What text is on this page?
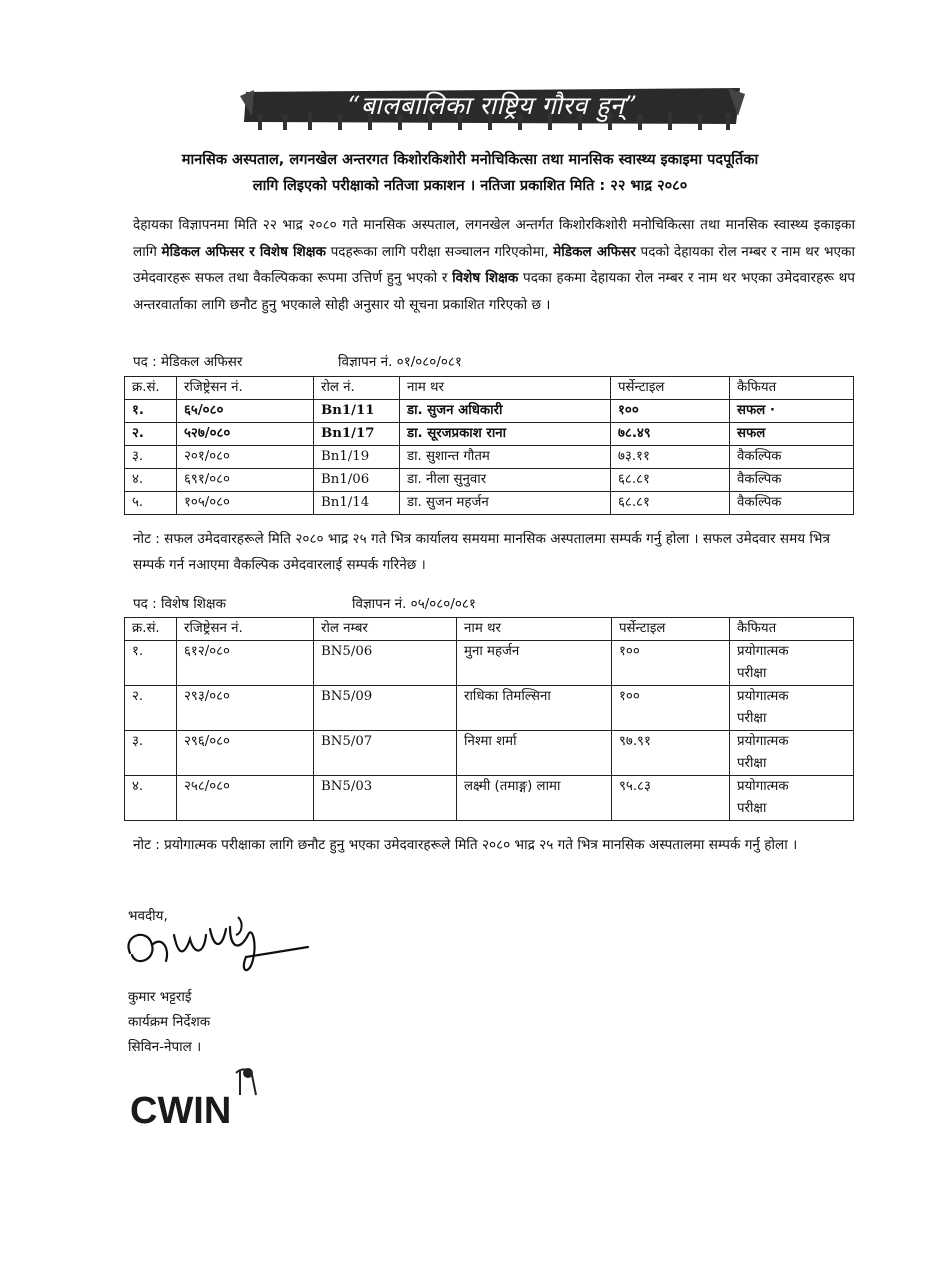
“बालबालिका राष्ट्रिय गौरव हुन्”
मानसिक अस्पताल, लगनखेल अन्तरगत किशोरकिशोरी मनोचिकित्सा तथा मानसिक स्वास्थ्य इकाइमा पदपूर्तिका
लागि लिइएको परीक्षाको नतिजा प्रकाशन । नतिजा प्रकाशित मिति : २२ भाद्र २०८०
देहायका विज्ञापनमा मिति २२ भाद्र २०८० गते मानसिक अस्पताल, लगनखेल अन्तर्गत किशोरकिशोरी मनोचिकित्सा तथा मानसिक स्वास्थ्य इकाइका लागि मेडिकल अफिसर र विशेष शिक्षक पदहरूका लागि परीक्षा सञ्चालन गरिएकोमा, मेडिकल अफिसर पदको देहायका रोल नम्बर र नाम थर भएका उमेदवारहरू सफल तथा वैकल्पिकका रूपमा उत्तिर्ण हुनु भएको र विशेष शिक्षक पदका हकमा देहायका रोल नम्बर र नाम थर भएका उमेदवारहरू थप अन्तरवार्ताका लागि छनौट हुनु भएकाले सोही अनुसार यो सूचना प्रकाशित गरिएको छ ।
पद : मेडिकल अफिसर	विज्ञापन नं. ०१/०८०/०८१
क्र.सं.	रजिष्ट्रेसन नं.	रोल नं.	नाम थर	पर्सेन्टाइल	कैफियत
१.	६५/०८०	Bn1/11	डा. सुजन अधिकारी	१००	सफल ·
२.	५२७/०८०	Bn1/17	डा. सूरजप्रकाश राना	७८.४९	सफल
३.	२०१/०८०	Bn1/19	डा. सुशान्त गौतम	७३.११	वैकल्पिक
४.	६९१/०८०	Bn1/06	डा. नीला सुनुवार	६८.८१	वैकल्पिक
५.	१०५/०८०	Bn1/14	डा. सुजन महर्जन	६८.८१	वैकल्पिक
नोट : सफल उमेदवारहरूले मिति २०८० भाद्र २५ गते भित्र कार्यालय समयमा मानसिक अस्पतालमा सम्पर्क गर्नु होला । सफल उमेदवार समय भित्र सम्पर्क गर्न नआएमा वैकल्पिक उमेदवारलाई सम्पर्क गरिनेछ ।
पद : विशेष शिक्षक	विज्ञापन नं. ०५/०८०/०८१
क्र.सं.	रजिष्ट्रेसन नं.	रोल नम्बर	नाम थर	पर्सेन्टाइल	कैफियत
१.	६१२/०८०	BN5/06	मुना महर्जन	१००	प्रयोगात्मक
परीक्षा

२.	२९३/०८०	BN5/09	राधिका तिमल्सिना	१००	प्रयोगात्मक
परीक्षा

३.	२९६/०८०	BN5/07	निश्मा शर्मा	९७.९१	प्रयोगात्मक
परीक्षा

४.	२५८/०८०	BN5/03	लक्ष्मी (तमाङ्ग) लामा	९५.८३	प्रयोगात्मक
परीक्षा
नोट : प्रयोगात्मक परीक्षाका लागि छनौट हुनु भएका उमेदवारहरूले मिति २०८० भाद्र २५ गते भित्र मानसिक अस्पतालमा सम्पर्क गर्नु होला ।
भवदीय,
कुमार भट्टराई
कार्यक्रम निर्देशक
सिविन-नेपाल ।
CWIN
